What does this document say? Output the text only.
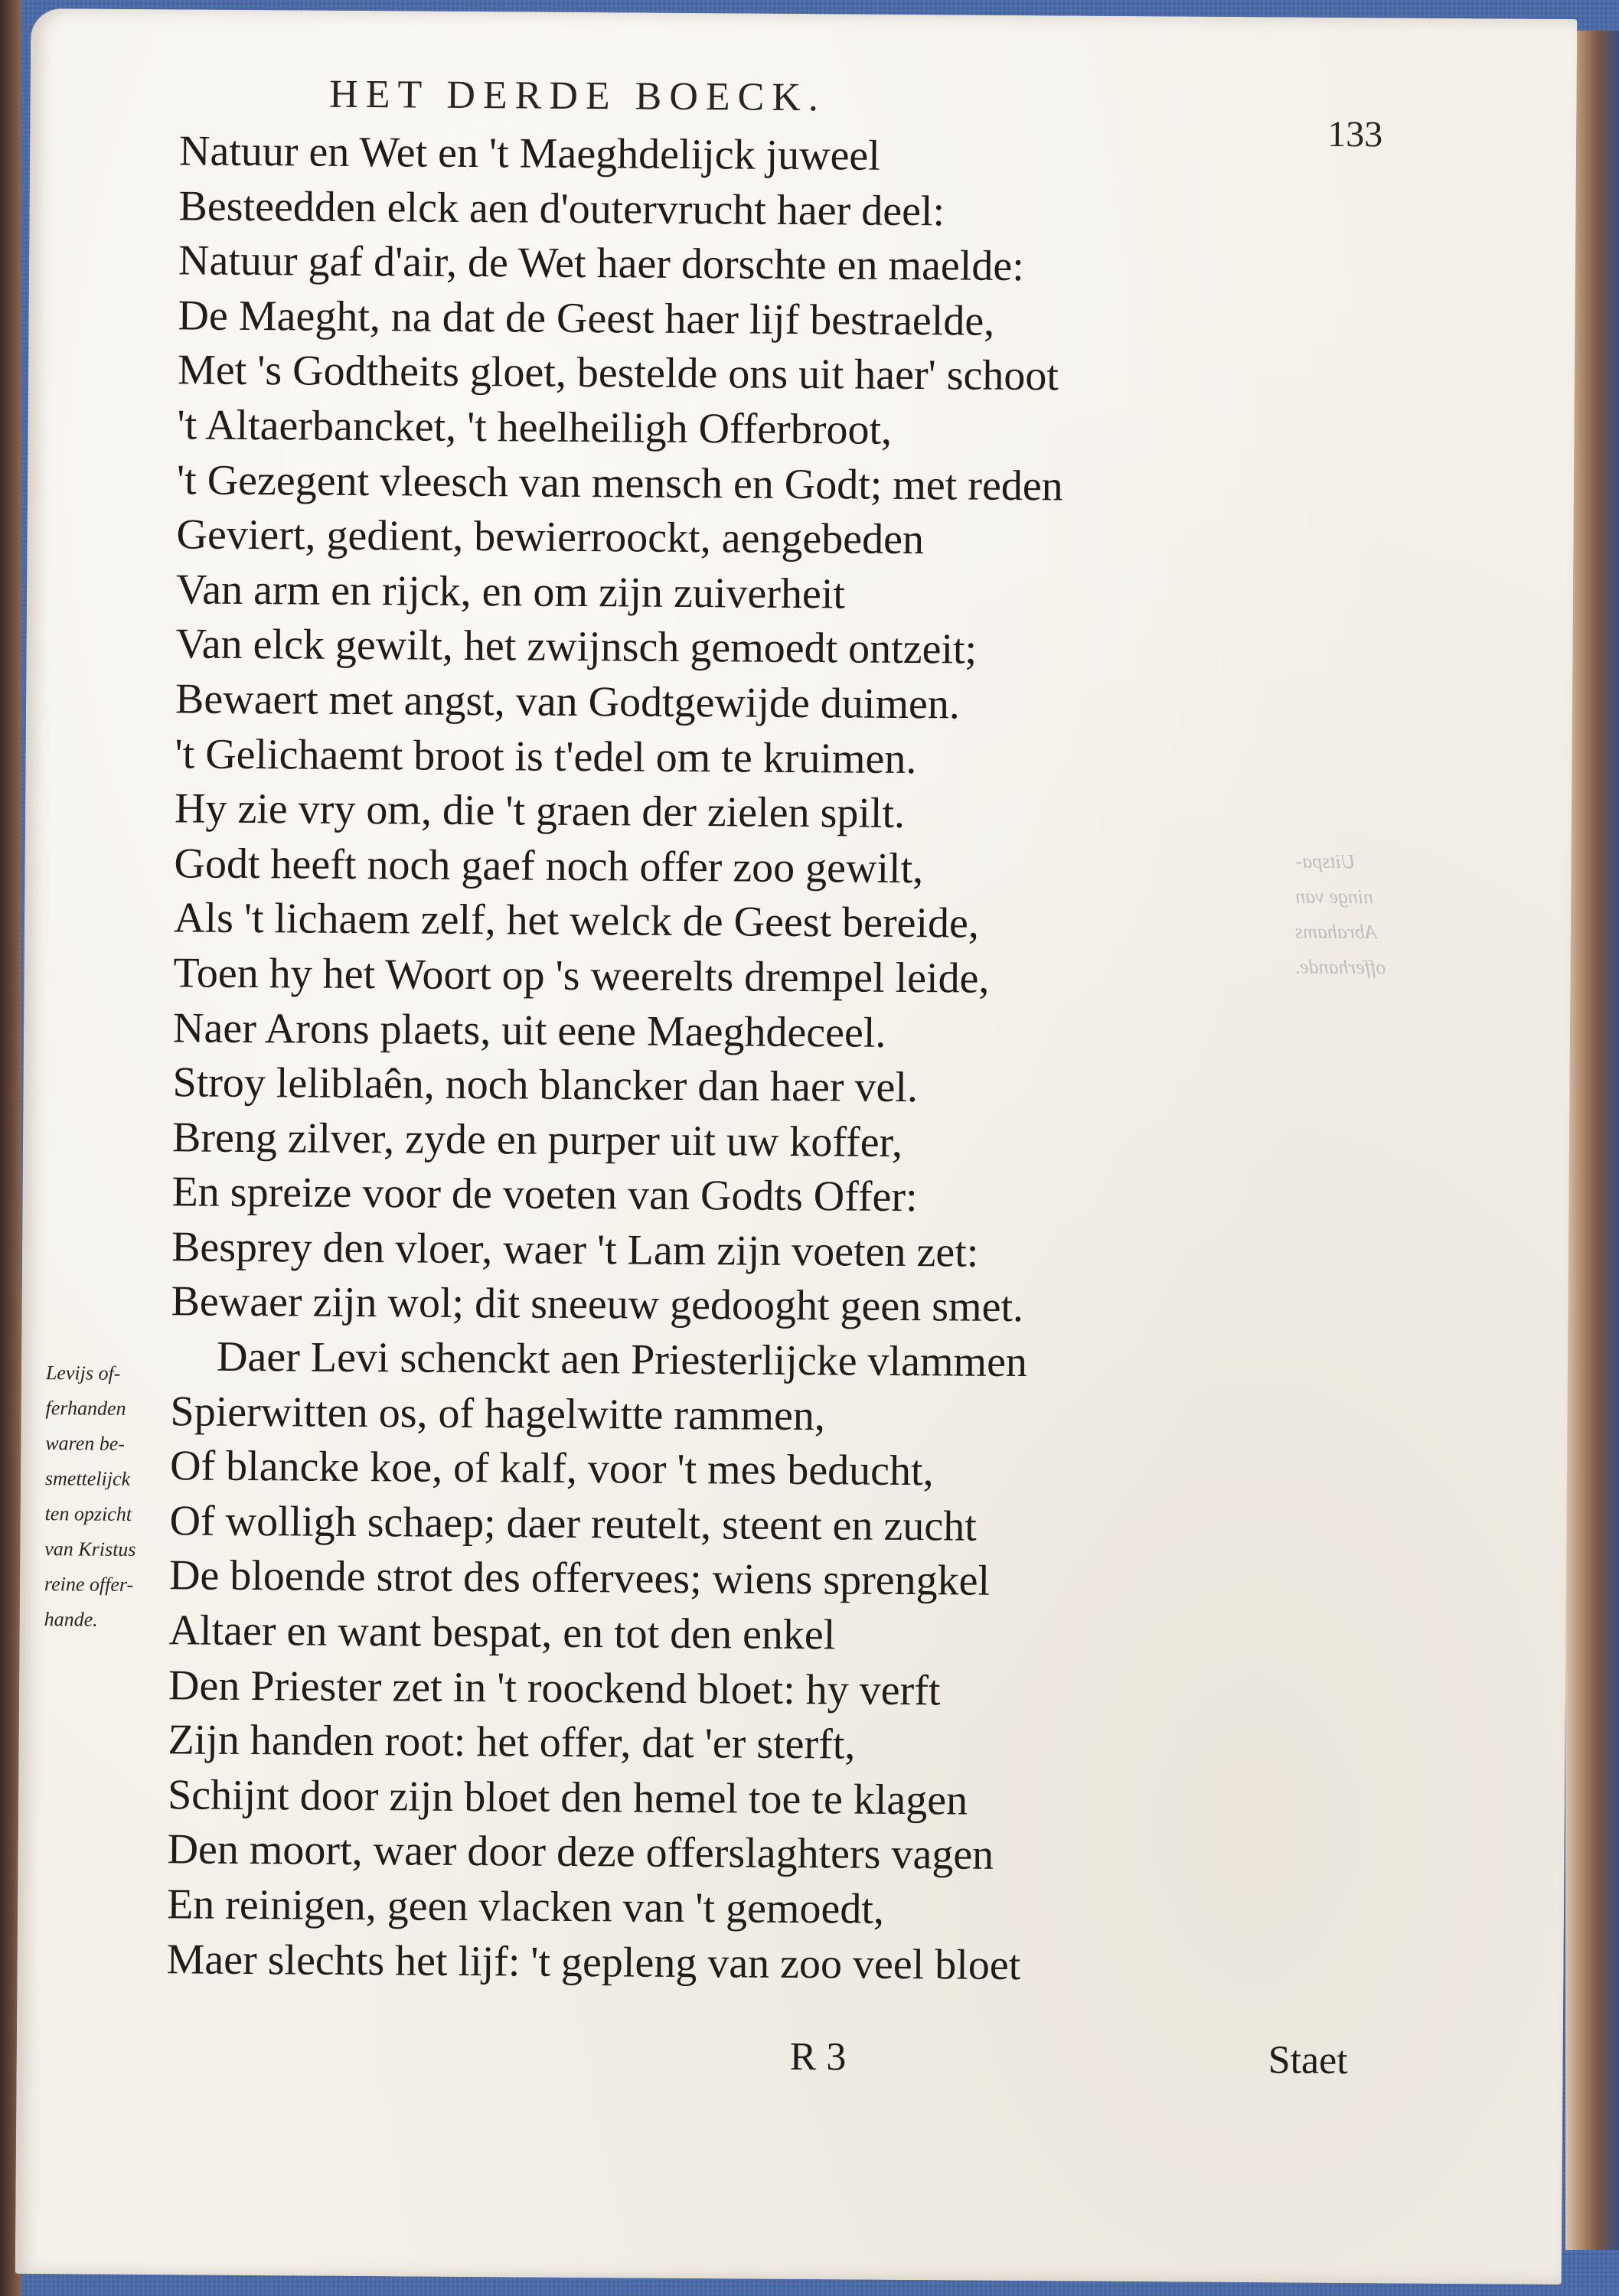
HET DERDE BOECK.
133
Uitspa-
ninge van
Abrahams
offerhande.
Natuur en Wet en 't Maeghdelijck juweel
Besteedden elck aen d'outervrucht haer deel:
Natuur gaf d'air, de Wet haer dorschte en maelde:
De Maeght, na dat de Geest haer lijf bestraelde,
Met 's Godtheits gloet, bestelde ons uit haer' schoot
't Altaerbancket, 't heelheiligh Offerbroot,
't Gezegent vleesch van mensch en Godt; met reden
Geviert, gedient, bewierroockt, aengebeden
Van arm en rijck, en om zijn zuiverheit
Van elck gewilt, het zwijnsch gemoedt ontzeit;
Bewaert met angst, van Godtgewijde duimen.
't Gelichaemt broot is t'edel om te kruimen.
Hy zie vry om, die 't graen der zielen spilt.
Godt heeft noch gaef noch offer zoo gewilt,
Als 't lichaem zelf, het welck de Geest bereide,
Toen hy het Woort op 's weerelts drempel leide,
Naer Arons plaets, uit eene Maeghdeceel.
Stroy leliblaên, noch blancker dan haer vel.
Breng zilver, zyde en purper uit uw koffer,
En spreize voor de voeten van Godts Offer:
Besprey den vloer, waer 't Lam zijn voeten zet:
Bewaer zijn wol; dit sneeuw gedooght geen smet.
Daer Levi schenckt aen Priesterlijcke vlammen
Spierwitten os, of hagelwitte rammen,
Of blancke koe, of kalf, voor 't mes beducht,
Of wolligh schaep; daer reutelt, steent en zucht
De bloende strot des offervees; wiens sprengkel
Altaer en want bespat, en tot den enkel
Den Priester zet in 't roockend bloet: hy verft
Zijn handen root: het offer, dat 'er sterft,
Schijnt door zijn bloet den hemel toe te klagen
Den moort, waer door deze offerslaghters vagen
En reinigen, geen vlacken van 't gemoedt,
Maer slechts het lijf: 't gepleng van zoo veel bloet
Levijs of-
ferhanden
waren be-
smettelijck
ten opzicht
van Kristus
reine offer-
hande.
R 3	Staet
